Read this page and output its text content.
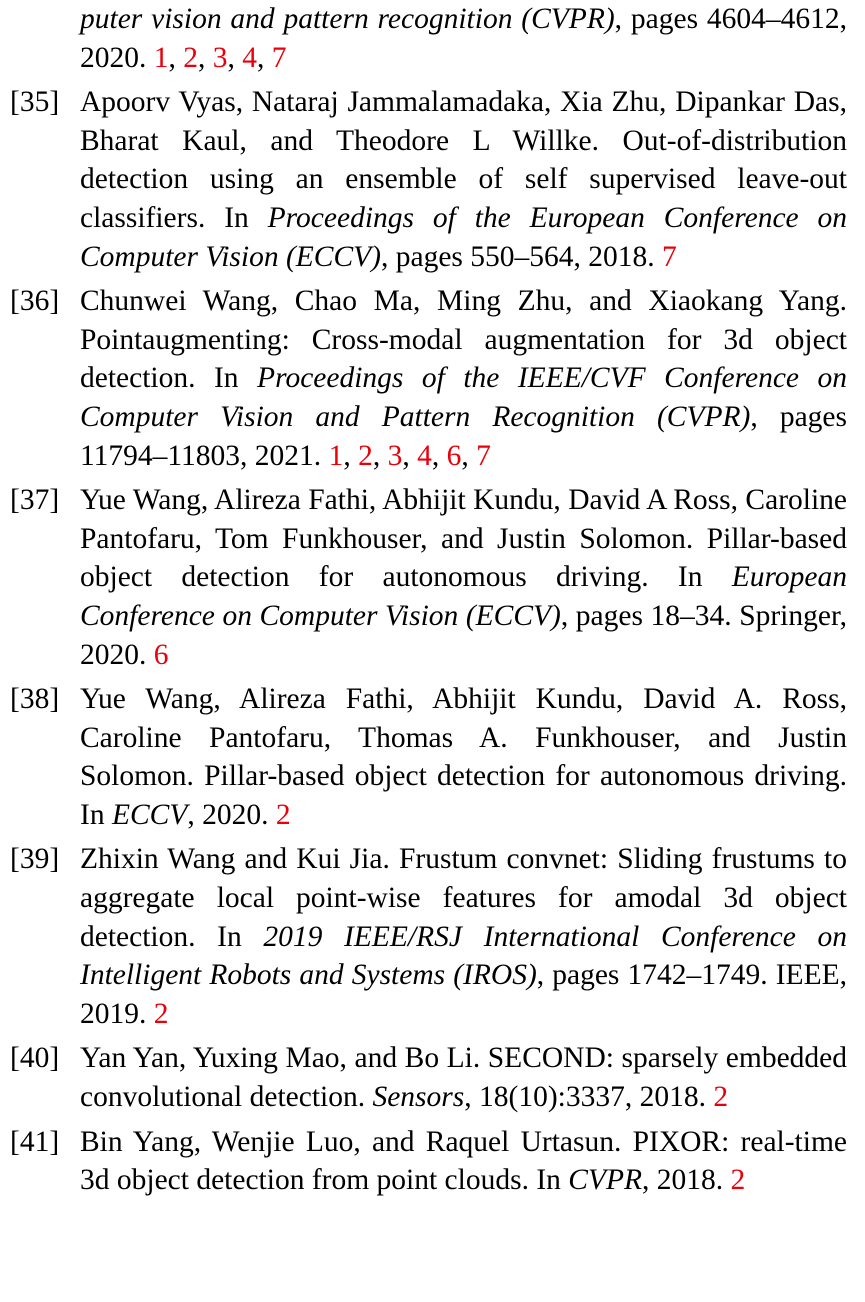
puter vision and pattern recognition (CVPR), pages 4604–4612, 2020. 1, 2, 3, 4, 7
[35] Apoorv Vyas, Nataraj Jammalamadaka, Xia Zhu, Dipankar Das, Bharat Kaul, and Theodore L Willke. Out-of-distribution detection using an ensemble of self supervised leave-out classifiers. In Proceedings of the European Conference on Computer Vision (ECCV), pages 550–564, 2018. 7
[36] Chunwei Wang, Chao Ma, Ming Zhu, and Xiaokang Yang. Pointaugmenting: Cross-modal augmentation for 3d object detection. In Proceedings of the IEEE/CVF Conference on Computer Vision and Pattern Recognition (CVPR), pages 11794–11803, 2021. 1, 2, 3, 4, 6, 7
[37] Yue Wang, Alireza Fathi, Abhijit Kundu, David A Ross, Caroline Pantofaru, Tom Funkhouser, and Justin Solomon. Pillar-based object detection for autonomous driving. In European Conference on Computer Vision (ECCV), pages 18–34. Springer, 2020. 6
[38] Yue Wang, Alireza Fathi, Abhijit Kundu, David A. Ross, Caroline Pantofaru, Thomas A. Funkhouser, and Justin Solomon. Pillar-based object detection for autonomous driving. In ECCV, 2020. 2
[39] Zhixin Wang and Kui Jia. Frustum convnet: Sliding frustums to aggregate local point-wise features for amodal 3d object detection. In 2019 IEEE/RSJ International Conference on Intelligent Robots and Systems (IROS), pages 1742–1749. IEEE, 2019. 2
[40] Yan Yan, Yuxing Mao, and Bo Li. SECOND: sparsely embedded convolutional detection. Sensors, 18(10):3337, 2018. 2
[41] Bin Yang, Wenjie Luo, and Raquel Urtasun. PIXOR: real-time 3d object detection from point clouds. In CVPR, 2018. 2
